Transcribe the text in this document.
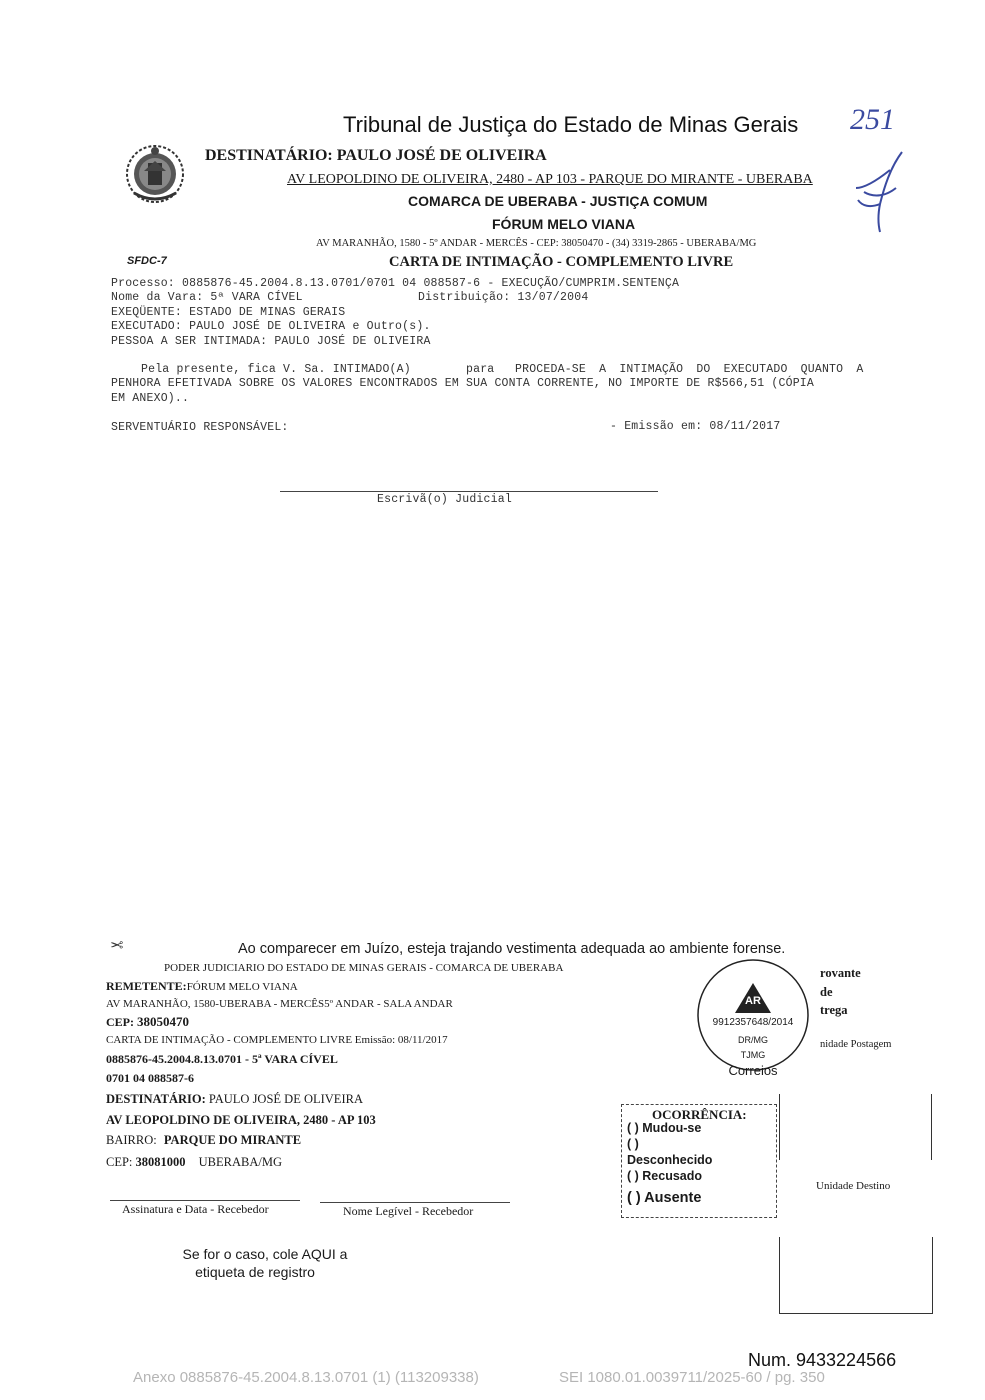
Tribunal de Justiça do Estado de Minas Gerais 251
DESTINATÁRIO: PAULO JOSÉ DE OLIVEIRA
AV LEOPOLDINO DE OLIVEIRA, 2480 - AP 103 - PARQUE DO MIRANTE - UBERABA
COMARCA DE UBERABA - JUSTIÇA COMUM
FÓRUM MELO VIANA
AV MARANHÃO, 1580 - 5º ANDAR - MERCÊS - CEP: 38050470 - (34) 3319-2865 - UBERABA/MG
SFDC-7	CARTA DE INTIMAÇÃO - COMPLEMENTO LIVRE
Processo: 0885876-45.2004.8.13.0701/0701 04 088587-6 - EXECUÇÃO/CUMPRIM.SENTENÇA
Nome da Vara: 5ª VARA CÍVEL	Distribuição: 13/07/2004
EXEQÜENTE: ESTADO DE MINAS GERAIS
EXECUTADO: PAULO JOSÉ DE OLIVEIRA e Outro(s).
PESSOA A SER INTIMADA: PAULO JOSÉ DE OLIVEIRA
Pela presente, fica V. Sa. INTIMADO(A)	para PROCEDA-SE A INTIMAÇÃO DO EXECUTADO QUANTO A
PENHORA EFETIVADA SOBRE OS VALORES ENCONTRADOS EM SUA CONTA CORRENTE, NO IMPORTE DE R$566,51 (CÓPIA
EM ANEXO)..
SERVENTUÁRIO RESPONSÁVEL:	- Emissão em: 08/11/2017
Escrivã(o) Judicial
✂	Ao comparecer em Juízo, esteja trajando vestimenta adequada ao ambiente forense.
PODER JUDICIARIO DO ESTADO DE MINAS GERAIS - COMARCA DE UBERABA
REMETENTE:FÓRUM MELO VIANA
AV MARANHÃO, 1580-UBERABA - MERCÊS5º ANDAR - SALA ANDAR
CEP: 38050470
CARTA DE INTIMAÇÃO - COMPLEMENTO LIVRE Emissão: 08/11/2017
0885876-45.2004.8.13.0701 - 5ª VARA CÍVEL
0701 04 088587-6
DESTINATÁRIO: PAULO JOSÉ DE OLIVEIRA
AV LEOPOLDINO DE OLIVEIRA, 2480 - AP 103
BAIRRO: PARQUE DO MIRANTE
CEP: 38081000 UBERABA/MG
Assinatura e Data - Recebedor	Nome Legível - Recebedor
Se for o caso, cole AQUI a
etiqueta de registro
AR
9912357648/2014
DR/MG
TJMG
Correios
rovante
de
trega
nidade Postagem
OCORRÊNCIA:
( ) Mudou-se
( )
Desconhecido
( ) Recusado
( ) Ausente
Unidade Destino
Num. 9433224566
Anexo 0885876-45.2004.8.13.0701 (1) (113209338)	SEI 1080.01.0039711/2025-60 / pg. 350
